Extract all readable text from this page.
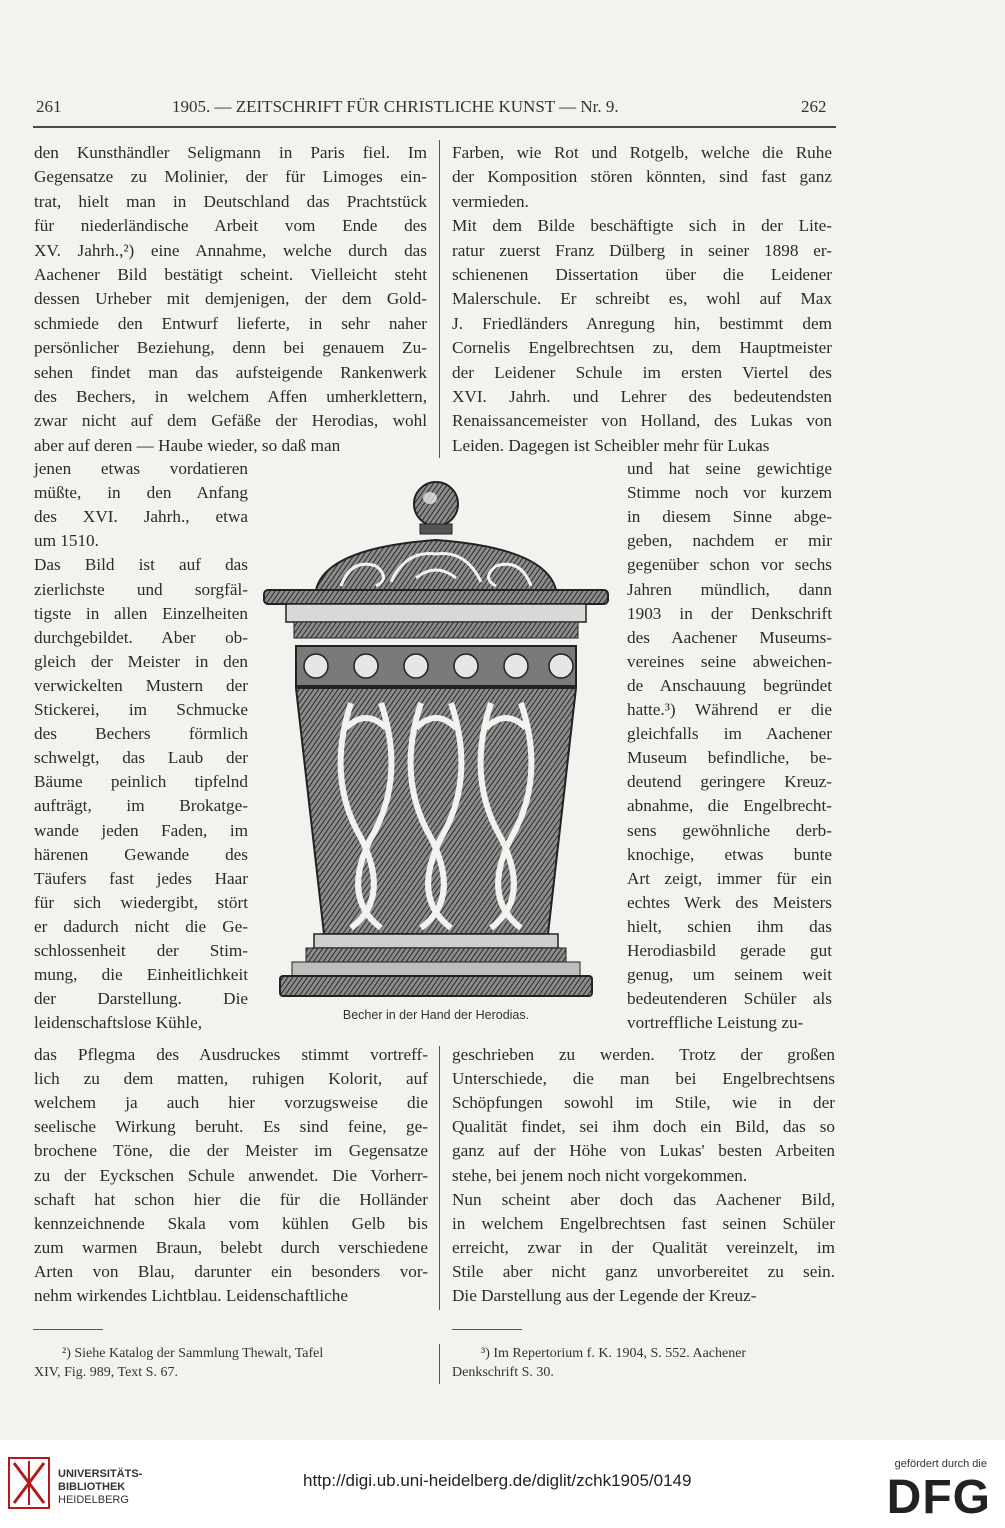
261	1905. — ZEITSCHRIFT FÜR CHRISTLICHE KUNST — Nr. 9.	262
den Kunsthändler Seligmann in Paris fiel. Im
Gegensatze zu Molinier, der für Limoges ein-
trat, hielt man in Deutschland das Prachtstück
für niederländische Arbeit vom Ende des
XV. Jahrh.,²) eine Annahme, welche durch das
Aachener Bild bestätigt scheint. Vielleicht steht
dessen Urheber mit demjenigen, der dem Gold-
schmiede den Entwurf lieferte, in sehr naher
persönlicher Beziehung, denn bei genauem Zu-
sehen findet man das aufsteigende Rankenwerk
des Bechers, in welchem Affen umherklettern,
zwar nicht auf dem Gefäße der Herodias, wohl
aber auf deren — Haube wieder, so daß man
jenen etwas vordatieren
müßte, in den Anfang
des XVI. Jahrh., etwa
um 1510.
Das Bild ist auf das
zierlichste und sorgfäl-
tigste in allen Einzelheiten
durchgebildet. Aber ob-
gleich der Meister in den
verwickelten Mustern der
Stickerei, im Schmucke
des Bechers förmlich
schwelgt, das Laub der
Bäume peinlich tipfelnd
aufträgt, im Brokatge-
wande jeden Faden, im
härenen Gewande des
Täufers fast jedes Haar
für sich wiedergibt, stört
er dadurch nicht die Ge-
schlossenheit der Stim-
mung, die Einheitlichkeit
der Darstellung. Die
leidenschaftslose Kühle,
das Pflegma des Ausdruckes stimmt vortreff-
lich zu dem matten, ruhigen Kolorit, auf
welchem ja auch hier vorzugsweise die
seelische Wirkung beruht. Es sind feine, ge-
brochene Töne, die der Meister im Gegensatze
zu der Eyckschen Schule anwendet. Die Vorherr-
schaft hat schon hier die für die Holländer
kennzeichnende Skala vom kühlen Gelb bis
zum warmen Braun, belebt durch verschiedene
Arten von Blau, darunter ein besonders vor-
nehm wirkendes Lichtblau. Leidenschaftliche
Farben, wie Rot und Rotgelb, welche die Ruhe
der Komposition stören könnten, sind fast ganz
vermieden.
Mit dem Bilde beschäftigte sich in der Lite-
ratur zuerst Franz Dülberg in seiner 1898 er-
schienenen Dissertation über die Leidener
Malerschule. Er schreibt es, wohl auf Max
J. Friedländers Anregung hin, bestimmt dem
Cornelis Engelbrechtsen zu, dem Hauptmeister
der Leidener Schule im ersten Viertel des
XVI. Jahrh. und Lehrer des bedeutendsten
Renaissancemeister von Holland, des Lukas von
Leiden. Dagegen ist Scheibler mehr für Lukas
und hat seine gewichtige
Stimme noch vor kurzem
in diesem Sinne abge-
geben, nachdem er mir
gegenüber schon vor sechs
Jahren mündlich, dann
1903 in der Denkschrift
des Aachener Museums-
vereines seine abweichen-
de Anschauung begründet
hatte.³) Während er die
gleichfalls im Aachener
Museum befindliche, be-
deutend geringere Kreuz-
abnahme, die Engelbrecht-
sens gewöhnliche derb-
knochige, etwas bunte
Art zeigt, immer für ein
echtes Werk des Meisters
hielt, schien ihm das
Herodiasbild gerade gut
genug, um seinem weit
bedeutenderen Schüler als
vortreffliche Leistung zu-
geschrieben zu werden. Trotz der großen
Unterschiede, die man bei Engelbrechtsens
Schöpfungen sowohl im Stile, wie in der
Qualität findet, sei ihm doch ein Bild, das so
ganz auf der Höhe von Lukas' besten Arbeiten
stehe, bei jenem noch nicht vorgekommen.
Nun scheint aber doch das Aachener Bild,
in welchem Engelbrechtsen fast seinen Schüler
erreicht, zwar in der Qualität vereinzelt, im
Stile aber nicht ganz unvorbereitet zu sein.
Die Darstellung aus der Legende der Kreuz-
Becher in der Hand der Herodias.
²) Siehe Katalog der Sammlung Thewalt, Tafel
XIV, Fig. 989, Text S. 67.
³) Im Repertorium f. K. 1904, S. 552. Aachener
Denkschrift S. 30.
UNIVERSITÄTS-
BIBLIOTHEK
HEIDELBERG
http://digi.ub.uni-heidelberg.de/diglit/zchk1905/0149
gefördert durch die
DFG
